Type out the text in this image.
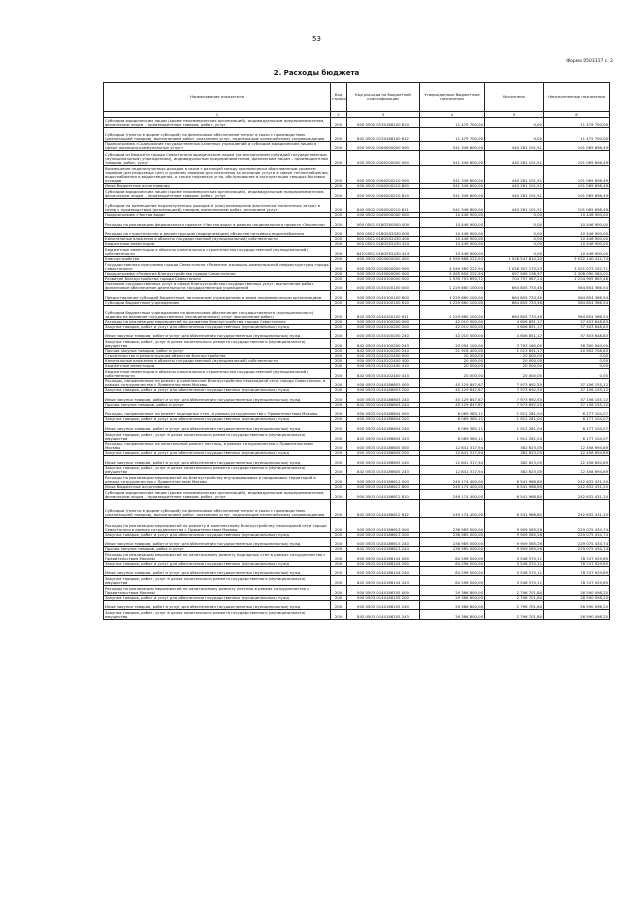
53
Форма 0503117 с. 2
2. Расходы бюджета
Наименование показателя	Код строки	Код расхода по бюджетной классификации	Утвержденные бюджетные назначения	Исполнено	Неисполненные назначения
1	2	3	4	5	6
Субсидии юридическим лицам (кроме некоммерческих организаций), индивидуальным предпринимателям, физическим лицам – производителям товаров, работ, услуг	200	000 0502 0130168100 810	11 475 700,00	0,00	11 475 700,00
Субсидии (гранты в форме субсидий) на финансовое обеспечение затрат в связи с производством (реализацией товаров), выполнением работ, оказанием услуг, подлежащие казначейскому сопровождению	200	842 0502 0130168100 812	11 475 700,00	0,00	11 475 700,00
Подпрограмма «Содержание государственных казенных учреждений и субсидии юридическим лицам в сфере жилищно-коммунальных услуг»	200	000 0502 0160000000 000	541 346 800,00	440 281 101,51	101 065 698,49
Субсидии из бюджета города Севастополя юридическим лицам (за исключением субсидий государственным (муниципальным) учреждениям), индивидуальным предпринимателям, физическим лицам – производителям товаров, работ, услуг	200	000 0502 0160200000 000	541 346 800,00	440 281 101,51	101 065 698,49
Возмещение недополученных доходов в связи с разницей между экономически обоснованным уровнем тарифов (регулируемых цен) и уровнем тарифов для населения за оказание услуги в сфере теплоснабжения, водоснабжения и водоотведения, а также перевозок угля, обслуживание и эксплуатацию твердых бытовых отходов	200	000 0502 0160200210 000	541 346 800,00	440 281 101,51	101 065 698,49
Иные бюджетные ассигнования	200	000 0502 0160200210 800	541 346 800,00	440 281 101,51	101 065 698,49
Субсидии юридическим лицам (кроме некоммерческих организаций), индивидуальным предпринимателям, физическим лицам – производителям товаров, работ, услуг	200	000 0502 0160200210 810	541 346 800,00	440 281 101,51	101 065 698,49
Субсидии на возмещение недополученных доходов и (или) возмещение фактически понесенных затрат в связи с производством (реализацией) товаров, выполнением работ, оказанием услуг	200	842 0502 0160200210 811	541 346 800,00	440 281 101,51	101 065 698,49
Подпрограмма «Чистая вода»	200	000 0502 0180000000 000	10 446 900,00	0,00	10 446 900,00
Расходы на реализацию федерального проекта «Чистая вода» в рамках национального проекта «Экология»	200	000 0502 018G500000 000	10 446 900,00	0,00	10 446 900,00
Расходы на строительство и реконструкцию (модернизацию) объектов питьевого водоснабжения	200	000 0502 018G552430 000	10 446 900,00	0,00	10 446 900,00
Капитальные вложения в объекты государственной (муниципальной) собственности	200	000 0502 018G552430 400	10 446 900,00	0,00	10 446 900,00
Бюджетные инвестиции	200	000 0502 018G552430 410	10 446 900,00	0,00	10 446 900,00
Бюджетные инвестиции в объекты капитального строительства государственной (муниципальной) собственности	200	842 0502 018G552430 414	10 446 900,00	0,00	10 446 900,00
Благоустройство	200	000 0503 0000000000 000	4 550 688 222,94	1 028 547 810,20	3 522 140 412,74
Государственная программа города Севастополя «Развитие жилищно-коммунальной инфраструктуры города Севастополя»	200	000 0503 0100000000 000	4 549 380 222,94	1 028 307 170,23	3 521 073 152,71
Подпрограмма «Развитие благоустройства города Севастополя»	200	000 0503 0140000000 000	3 265 659 222,94	957 569 138,97	2 308 090 084,02
Развитие благоустройства города Севастополя	200	000 0503 0140100000 000	1 939 793 650,72	704 797 987,24	1 234 995 663,48
Оказание государственных услуг в сфере благоустройства государственных услуг, выполнение работ, финансовое обеспечение деятельности государственных учреждений	200	000 0503 0140100100 000	1 229 660 100,00	664 805 733,46	564 854 366,54
Предоставление субсидий бюджетным, автономным учреждениям и иным некоммерческим организациям	200	000 0503 0140100100 600	1 229 660 100,00	664 805 733,46	564 854 366,54
Субсидии бюджетным учреждениям	200	000 0503 0140100100 610	1 229 660 100,00	664 805 733,46	564 854 366,54
Субсидии бюджетным учреждениям на финансовое обеспечение государственного (муниципального) задания на оказание государственных (муниципальных) услуг (выполнение работ)	200	842 0503 0140100100 611	1 229 660 100,00	664 805 733,46	564 854 366,54
Расходы на реализацию мероприятий по развитию благоустройства города Севастополя	200	000 0503 0140100200 000	42 010 500,00	4 606 851,17	37 403 648,83
Закупка товаров, работ и услуг для обеспечения государственных (муниципальных) нужд	200	000 0503 0140100200 200	42 010 500,00	4 606 851,17	37 403 648,83
Иные закупки товаров, работ и услуг для обеспечения государственных (муниципальных) нужд	200	000 0503 0140100200 240	42 010 500,00	4 606 851,17	37 403 648,83
Закупка товаров, работ, услуг в целях капитального ремонта государственного (муниципального) имущества	200	842 0503 0140100200 243	20 094 100,00	3 793 160,00	16 300 940,00
Прочая закупка товаров, работ и услуг	200	842 0503 0140100200 244	21 916 400,00	1 013 691,17	20 902 708,83
Строительство и реконструкция объектов благоустройства	200	000 0503 0140102400 000	20 000,00	20 000,00	0,00
Капитальные вложения в объекты государственной (муниципальной) собственности	200	000 0503 0140102400 400	20 000,00	20 000,00	0,00
Бюджетные инвестиции	200	000 0503 0140102400 410	20 000,00	20 000,00	0,00
Бюджетные инвестиции в объекты капитального строительства государственной (муниципальной) собственности	200	842 0503 0140102400 414	20 000,00	20 000,00	0,00
Расходы, направленные на ремонт и комплексное благоустройство пешеходной сети города Севастополя, в рамках сотрудничества с Правительством Москвы	200	000 0503 0140186603 000	45 129 847,67	7 973 692,55	37 156 155,12
Закупка товаров, работ и услуг для обеспечения государственных (муниципальных) нужд	200	000 0503 0140186603 200	45 129 847,67	7 973 692,55	37 156 155,12
Иные закупки товаров, работ и услуг для обеспечения государственных (муниципальных) нужд	200	000 0503 0140186603 240	45 129 847,67	7 973 692,55	37 156 155,12
Прочая закупка товаров, работ и услуг	200	842 0503 0140186603 244	45 129 847,67	7 973 692,55	37 156 155,12
Расходы, направленные на ремонт подпорных стен, в рамках сотрудничества с Правительством Москвы	200	000 0503 0140186604 000	8 089 385,11	1 912 281,04	6 177 104,07
Закупка товаров, работ и услуг для обеспечения государственных (муниципальных) нужд	200	000 0503 0140186604 200	8 089 385,11	1 912 281,04	6 177 104,07
Иные закупки товаров, работ и услуг для обеспечения государственных (муниципальных) нужд	200	000 0503 0140186604 240	8 089 385,11	1 912 281,04	6 177 104,07
Закупка товаров, работ, услуг в целях капитального ремонта государственного (муниципального) имущества	200	842 0503 0140186604 243	8 089 385,11	1 912 281,04	6 177 104,07
Расходы, направленные на капитальный ремонт лестниц, в рамках сотрудничества с Правительством Москвы	200	000 0503 0140186605 000	12 841 317,94	382 623,05	12 458 694,89
Закупка товаров, работ и услуг для обеспечения государственных (муниципальных) нужд	200	000 0503 0140186605 200	12 841 317,94	382 623,05	12 458 694,89
Иные закупки товаров, работ и услуг для обеспечения государственных (муниципальных) нужд	200	000 0503 0140186605 240	12 841 317,94	382 623,05	12 458 694,89
Закупка товаров, работ, услуг в целях капитального ремонта государственного (муниципального) имущества	200	842 0503 0140186605 243	12 841 317,94	382 623,05	12 458 694,89
Расходы на реализацию мероприятий по благоустройству внутридворовых и придомовых территорий в рамках сотрудничества с Правительством Москвы	200	000 0503 0140186612 000	249 174 400,00	6 541 968,80	242 632 431,20
Иные бюджетные ассигнования	200	000 0503 0140186612 800	249 174 400,00	6 541 968,80	242 632 431,20
Субсидии юридическим лицам (кроме некоммерческих организаций), индивидуальным предпринимателям, физическим лицам – производителям товаров, работ, услуг	200	000 0503 0140186612 810	249 174 400,00	6 541 968,80	242 632 431,20
Субсидии (гранты в форме субсидий) на финансовое обеспечение затрат в связи с производством (реализацией товаров), выполнением работ, оказанием услуг, подлежащие казначейскому сопровождению	200	842 0503 0140186612 812	249 174 400,00	6 541 968,80	242 632 431,20
Расходы на реализацию мероприятий по ремонту и комплексному благоустройству пешеходной сети города Севастополя в рамках сотрудничества с Правительством Москвы	200	000 0503 0140186613 000	238 985 000,00	9 909 565,26	229 075 434,74
Закупка товаров, работ и услуг для обеспечения государственных (муниципальных) нужд	200	000 0503 0140186613 200	238 985 000,00	9 909 565,26	229 075 434,74
Иные закупки товаров, работ и услуг для обеспечения государственных (муниципальных) нужд	200	000 0503 0140186613 240	238 985 000,00	9 909 565,26	229 075 434,74
Прочая закупка товаров, работ и услуг	200	842 0503 0140186613 244	238 985 000,00	9 909 565,26	229 075 434,74
Расходы на реализацию мероприятий по капитальному ремонту подпорных стен в рамках сотрудничества с Правительством Москвы	200	000 0503 0140186104 000	84 296 500,00	5 548 570,11	78 747 929,89
Закупка товаров, работ и услуг для обеспечения государственных (муниципальных) нужд	200	000 0503 0140186104 200	84 296 500,00	5 548 570,11	78 747 929,89
Иные закупки товаров, работ и услуг для обеспечения государственных (муниципальных) нужд	200	000 0503 0140186104 240	84 296 500,00	5 548 570,11	78 747 929,89
Закупка товаров, работ, услуг в целях капитального ремонта государственного (муниципального) имущества	200	842 0503 0140186104 243	84 296 500,00	5 548 570,11	78 747 929,89
Расходы на реализацию мероприятий по капитальному ремонту лестниц в рамках сотрудничества с Правительством Москвы	200	000 0503 0140186105 000	29 386 800,00	2 796 701,80	26 590 098,20
Закупка товаров, работ и услуг для обеспечения государственных (муниципальных) нужд	200	000 0503 0140186105 200	29 386 800,00	2 796 701,80	26 590 098,20
Иные закупки товаров, работ и услуг для обеспечения государственных (муниципальных) нужд	200	000 0503 0140186105 240	29 386 800,00	2 796 701,80	26 590 098,20
Закупка товаров, работ, услуг в целях капитального ремонта государственного (муниципального) имущества	200	842 0503 0140186105 243	29 386 800,00	2 796 701,80	26 590 098,20
